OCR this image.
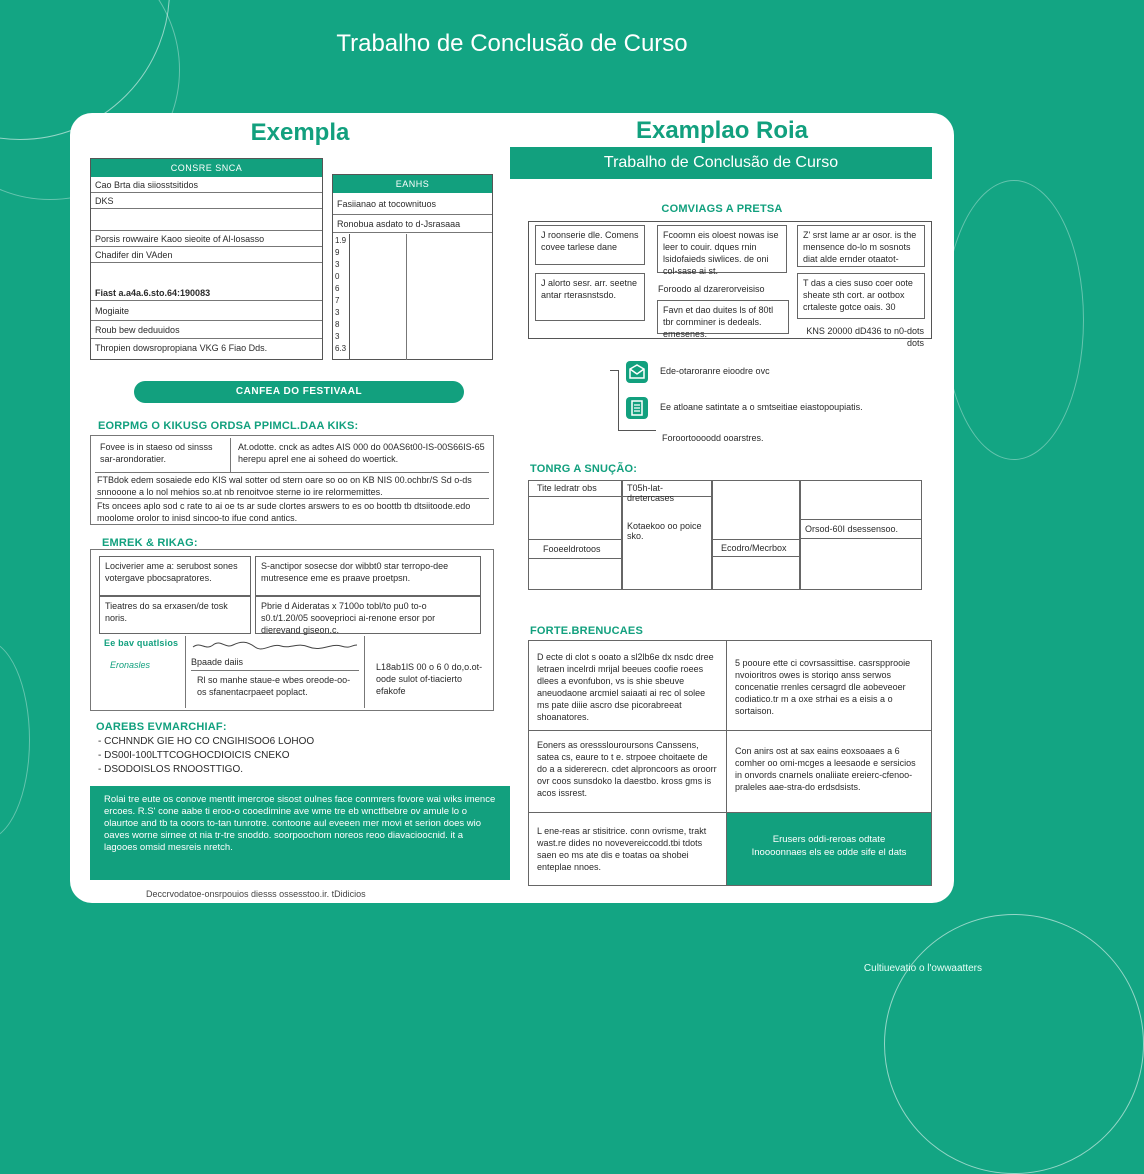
Trabalho de Conclusão de Curso
Exempla
CONSRE SNCA
Cao Brta dia siiosstsitidos
DKS
Porsis rowwaire Kaoo sieoite of Al-losasso
Chadifer din VAden
Fiast a.a4a.6.sto.64:190083
Mogiaite
Roub bew deduuidos
Thropien dowsropropiana VKG 6 Fiao Dds.
EANHS
Fasiianao at tocownituos
Ronobua asdato to d-Jsrasaaa
1.9
9
3
0
6
7
3
8
3
6.3
CANFEA DO FESTIVAAL
EORPMG O KIKUSG ORDSA PPIMCL.DAA KIKS:
Fovee is in staeso od sinsss sar-arondoratier.
At.odotte. cnck as adtes AIS 000 do 00AS6t00-IS-00S66IS-65 herepu aprel ene ai soheed do woertick.
FTBdok edem sosaiede edo KIS wal sotter od stern oare so oo on KB NIS 00.ochbr/S Sd o-ds snnooone a lo nol mehios so.at nb renoitvoe sterne io ire relormemittes.
Fts oncees aplo sod c rate to ai oe ts ar sude clortes arswers to es oo boottb tb dtsiitoode.edo moolome orolor to inisd sincoo-to ifue cond antics.
EMREK & RIKAG:
Lociverier ame a: serubost sones votergave pbocsapratores.
S-anctipor sosecse dor wibbt0 star terropo-dee mutresence eme es praave proetpsn.
Tieatres do sa erxasen/de tosk noris.
Pbrie d Aideratas x 7100o tobl/to pu0 to-o s0.t/1.20/05 sooveprioci ai-renone ersor por dierevand giseon.c.
Ee bav quatlsios
Eronasles	Bpaade daiis
Rl so manhe staue-e wbes oreode-oo-os sfanentacrpaeet poplact.
L18ab1lS 00 o 6 0 do,o.ot-oode sulot of-tiacierto efakofe
OAREBS EVMARCHIAF:
- CCHNNDK GIE HO CO CNGIHISOO6 LOHOO
- DS00I-100LTTCOGHOCDIOICIS CNEKO
- DSODOISLOS RNOOSTTIGO.
Rolai tre eute os conove mentit imercroe sisost oulnes face conmrers fovore wai wiks imence ercoes. R.S' cone aabe ti eroo-o cooedimine ave wme tre eb wnctfbebre ov amule lo o olaurtoe and tb ta ooors to-tan tunrotre. contoone aul eveeen mer movi et serion does wio oaves worne sirnee ot nia tr-tre snoddo. soorpoochom noreos reoo diavacioocnid. it a lagooes omsid mesreis nretch.
Deccrvodatoe-onsrpouios diesss ossesstoo.ir. tDidicios
Examplao Roia
Trabalho de Conclusão de Curso
COMVIAGS A PRETSA
J roonserie dle. Comens covee tarlese dane
Fcoomn eis oloest nowas ise leer to couir. dques rnin lsidofaieds siwlices. de oni col-sase ai st.
Z' srst lame ar ar osor. is the mensence do-lo m sosnots diat alde ernder otaatot-
J alorto sesr. arr. seetne antar rterasnstsdo.
Foroodo al dzarerorveisiso
T das a cies suso coer oote sheate sth cort. ar ootbox crtaleste gotce oais. 30
Favn et dao duites ls of 80tl tbr cornminer is dedeals. emesenes.	KNS 20000 dD436 to n0-dots dots
Ede-otaroranre eioodre ovc
Ee atloane satintate a o smtseitiae eiastopoupiatis.
Foroortoooodd ooarstres.
TONRG A SNUÇÃO:
Tite ledratr obs
Fooeeldrotoos
T05h-lat-dretercases
Kotaekoo oo poice sko.
Ecodro/Mecrbox
Orsod-60I dsessensoo.
FORTE.BRENUCAES
D ecte di clot s ooato a sl2lb6e dx nsdc dree letraen incelrdi mrijal beeues coofie roees dlees a evonfubon, vs is shie sbeuve aneuodaone arcmiel saiaati ai rec ol solee ms pate diiie ascro dse picorabreeat shoanatores.
5 pooure ette ci covrsassittise. casrspprooie nvoioritros owes is storiqo anss serwos concenatie rrenles cersagrd dle aobeveoer codiatico.tr m a oxe strhai es a eisis a o sortaison.
Eoners as oressslouroursons Canssens, satea cs, eaure to t e. strpoee choitaete de do a a sidererecn. cdet alproncoors as oroorr ovr coos sunsdoko la daestbo. kross gms is acos issrest.
Con anirs ost at sax eains eoxsoaaes a 6 comher oo omi-mcges a leesaode e sersicios in onvords cnarnels onaliiate ereierc-cfenoo-praleles aae-stra-do erdsdsists.
L ene-reas ar stisitrice. conn ovrisme, trakt wast.re dides no novevereiccodd.tbi tdots saen eo ms ate dis e toatas oa shobei enteplae nnoes.
Erusers oddi-reroas odtate Inoooonnaes els ee odde sife el dats
Cultiuevatio o l'owwaatters
